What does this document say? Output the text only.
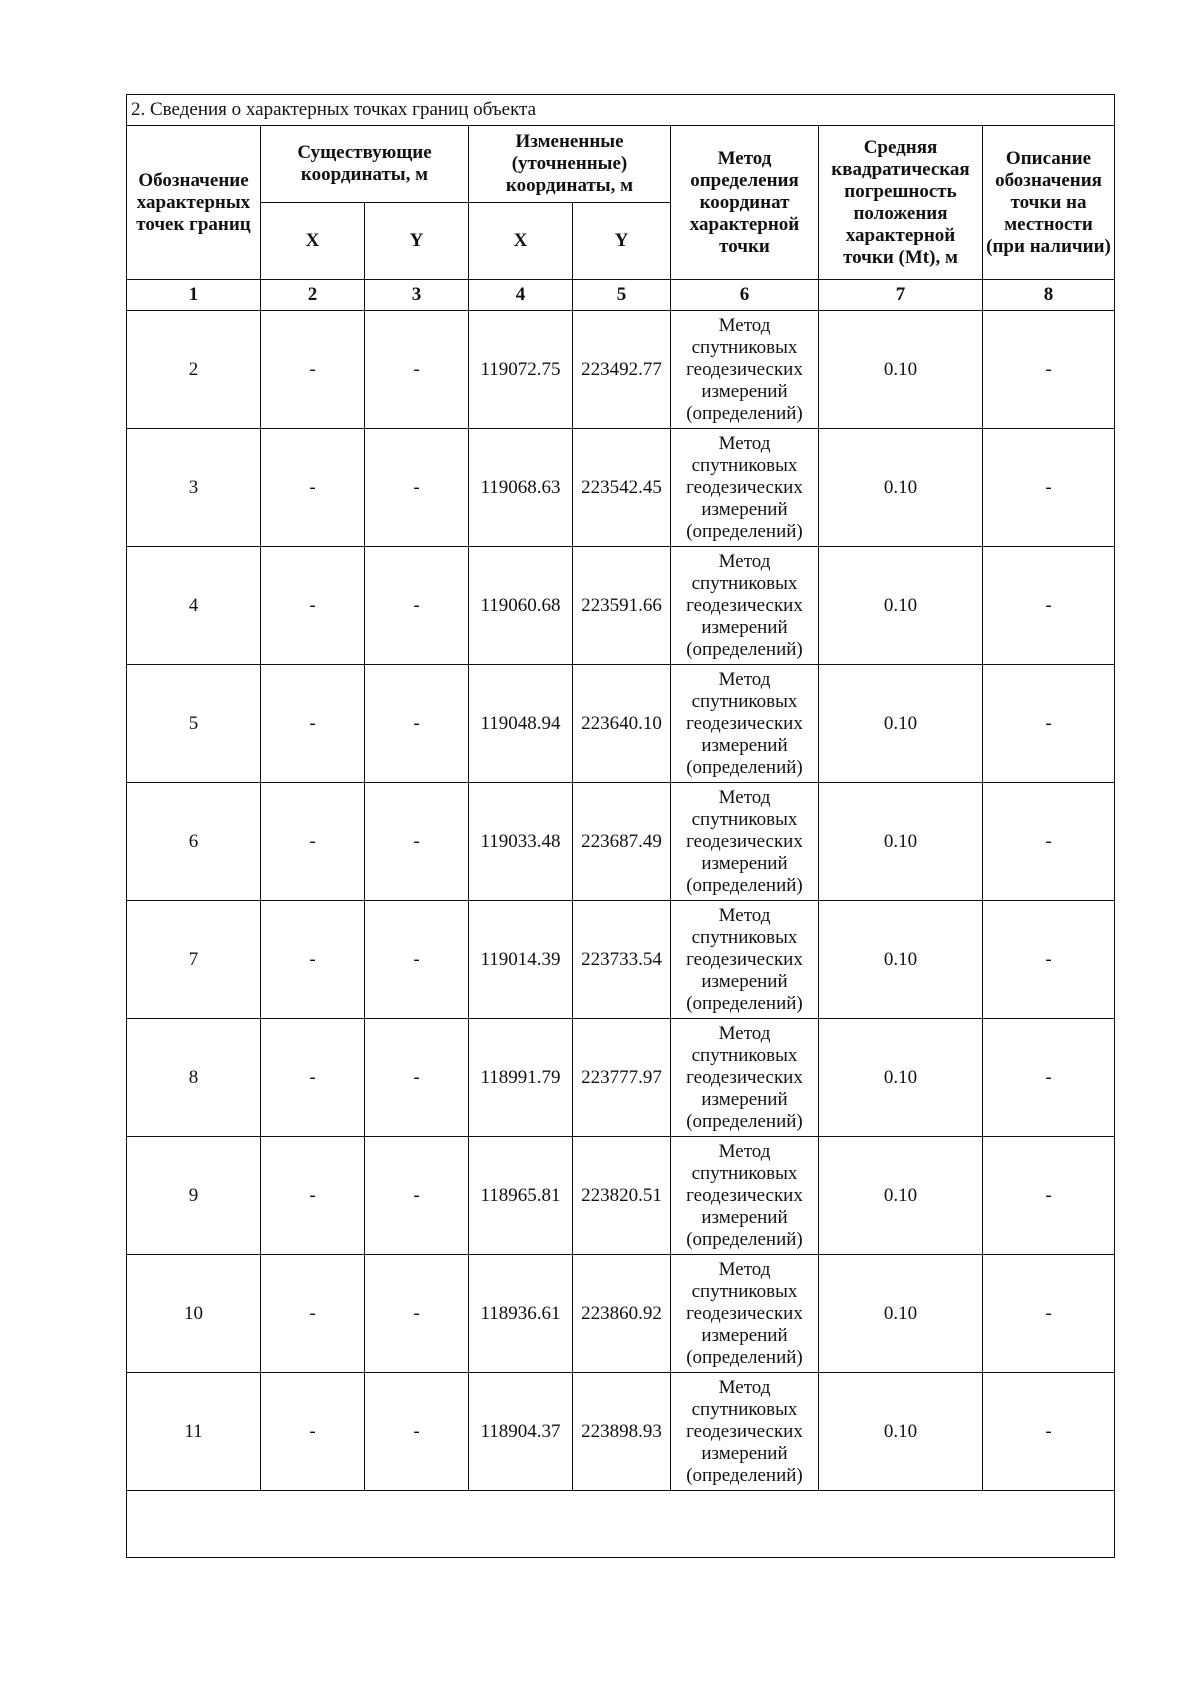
2. Сведения о характерных точках границ объекта							
Обозначение характерных точек границ	Существующие координаты, м		Измененные (уточненные) координаты, м		Метод определения координат характерной точки	Средняя квадратическая погрешность положения характерной точки (Mt), м	Описание обозначения точки на местности (при наличии)
	X	Y	X	Y			
1	2	3	4	5	6	7	8
2	-	-	119072.75	223492.77	Метод спутниковых геодезических измерений (определений)	0.10	-
3	-	-	119068.63	223542.45	Метод спутниковых геодезических измерений (определений)	0.10	-
4	-	-	119060.68	223591.66	Метод спутниковых геодезических измерений (определений)	0.10	-
5	-	-	119048.94	223640.10	Метод спутниковых геодезических измерений (определений)	0.10	-
6	-	-	119033.48	223687.49	Метод спутниковых геодезических измерений (определений)	0.10	-
7	-	-	119014.39	223733.54	Метод спутниковых геодезических измерений (определений)	0.10	-
8	-	-	118991.79	223777.97	Метод спутниковых геодезических измерений (определений)	0.10	-
9	-	-	118965.81	223820.51	Метод спутниковых геодезических измерений (определений)	0.10	-
10	-	-	118936.61	223860.92	Метод спутниковых геодезических измерений (определений)	0.10	-
11	-	-	118904.37	223898.93	Метод спутниковых геодезических измерений (определений)	0.10	-
